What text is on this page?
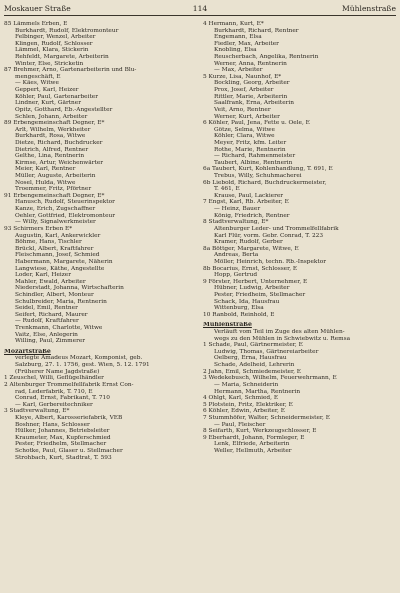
Moskauer Straße	114	Mühlenstraße
85 Lämmels Erben, E
Burkhardt, Rudolf, Elektromonteur
Felbinger, Wenzel, Arbeiter
Klingen, Rudolf, Schlosser
Lämmel, Klara, Stickerin
Rehfeldt, Margarete, Arbeiterin
Winter, Else, Stricketin
87 Brehmer, Arno, Gartenarbeiterin und Blu-
mengeschäft, E
— Käes, Witwe
Geppert, Karl, Heizer
Köhler, Paul, Gartenarbeiter
Lindner, Kurt, Gärtner
Opitz, Gotthard, Eb.-Angestellter
Schlen, Johann, Arbeiter
89 Erbengemeinschaft Degner, E*
Arlt, Wilhelm, Werkheiter
Burkhardt, Rosa, Witwe
Dietze, Richard, Buchdrucker
Dietrich, Alfred, Rentner
Gelthe, Lina, Rentnerin
Kirmse, Artur, Weichenwärter
Meier, Karl, Rentner
Müller, Auguste, Arbeiterin
Nosel, Hulda, Witwe
Troemmer, Fritz, Pförtner
91 Erbengemeinschaft Degner, E*
Hanusch, Rudolf, Steuerinspektor
Kanze, Erich, Zugschaffner
Oehler, Gottfried, Elektromonteur
— Willy, Signalwerkmeister
93 Schirmers Erben E*
Augustin, Karl, Ankerwickler
Böhme, Hans, Tischler
Brückl, Albert, Kraftfahrer
Fleischmann, Josef, Schmied
Habermann, Margarete, Näherin
Langwiese, Käthe, Angestellte
Loder, Karl, Heizer
Mahler, Ewald, Arbeiter
Niederstadt, Johanna, Wirtschafterin
Schindler, Albert, Monteur
Schulbreider, Maria, Rentnerin
Seidel, Emil, Rentner
Seifert, Richard, Maurer
— Rudolf, Kraftfahrer
Trenkmann, Charlotte, Witwe
Vaitz, Else, Anlegerin
Willing, Paul, Zimmerer
Mozartstraße
verlegte Amadeus Mozart, Komponist, geb.
Salzburg, 27. 1. 1756, gest. Wien, 5. 12. 1791
(Früherer Name Jagdstraße)
1 Zeuschel, Willi, Geflügelhändler
2 Altenburger Trommelfellfabrik Ernst Con-
rad, Lederfabrik, T. 710, E
Conrad, Ernst, Fabrikant, T. 710
— Karl, Gerbereitechniker
3 Stadtverwaltung, E*
Kleye, Albert, Karosseriefabrik, VEB
Boshner, Hans, Schlosser
Hülker, Johannes, Betriebsleiter
Kraumeter, Max, Kupferschmied
Pester, Friedhelm, Stellmacher
Schotke, Paul, Glaser u. Stellmacher
Strohbach, Kurt, Stadtrat, T. 593
4 Hermann, Kurt, E*
Burkhardt, Richard, Rentner
Engemann, Elsa
Fiedler, Max, Arbeiter
Knobling, Elsa
Reuscherbach, Angelika, Rentnerin
Werner, Anna, Rentnerin
— Max, Arbeiter
5 Kurze, Lisa, Naunhof, E*
Bockling, Georg, Arbeiter
Prox, Josef, Arbeiter
Rittler, Marie, Arbeiterin
Saalfrank, Erna, Arbeiterin
Veit, Arno, Rentner
Werner, Kurt, Arbeiter
6 Köhler, Paul, Jena, Fette u. Oele, E
Götze, Selma, Witwe
Köhler, Clara, Witwe
Meyer, Fritz, kfm. Leiter
Rothe, Marie, Rentnerin
— Richard, Rahmenmeister
Taubert, Albine, Rentnerin
6a Taubert, Kurt, Kohlenhandlung, T. 691, E
Trebus, Willy, Schuhmacherei
6b Liebold, Richard, Buchdruckermeister,
T. 461, E
Krause, Paul, Lackierer
7 Engst, Karl, Rb. Arbeiter, E
— Heinz, Bauer
König, Friedrich, Rentner
8 Stadtverwaltung, E*
Altenburger Leder- und Trommelfellfabrik
Karl Flür, vorm. Gebr. Conrad, T. 223
Kramer, Rudolf, Gerber
8a Böttger, Margarete, Witwe, E
Andreas, Berta
Möller, Heinrich, techn. Rb.-Inspektor
8b Bocarius, Ernst, Schlosser, E
Hopp, Gertrud
9 Förster, Herbert, Unternehmer, E
Hübner, Ludwig, Arbeiter
Pester, Friedheim, Stellmacher
Schack, Ida, Hausfrau
Wittenburg, Elsa
10 Ranbold, Reinhold, E
Mühlenstraße
Verläuft vom Teil im Zuge des alten Mühlen-
wegs zu den Mühlen in Schwiebwitz u. Remsa
1 Schade, Paul, Gärtnermeister, E
Ludwig, Thomas, Gärtnereiarbeiter
Oelberg, Erna, Hausfrau
Schade, Adelheid, Lehrerin
2 Jahn, Emil, Schmiedemeister, E
3 Wedekebusch, Wilhelm, Feuerwehrmann, E
— Maria, Schneiderin
Hermann, Martha, Rentnerin
4 Ohlgt, Karl, Schmied, E
5 Plotstein, Fritz, Elektriker, E
6 Köhler, Edwin, Arbeiter, E
7 Stummhöfer, Walter, Schneidermeister, E
— Paul, Fleischer
8 Seifarth, Kurt, Werkzeugschlosser, E
9 Eberhardt, Johann, Formleger, E
Lenk, Elfriede, Arbeiterin
Weller, Hellmuth, Arbeiter
